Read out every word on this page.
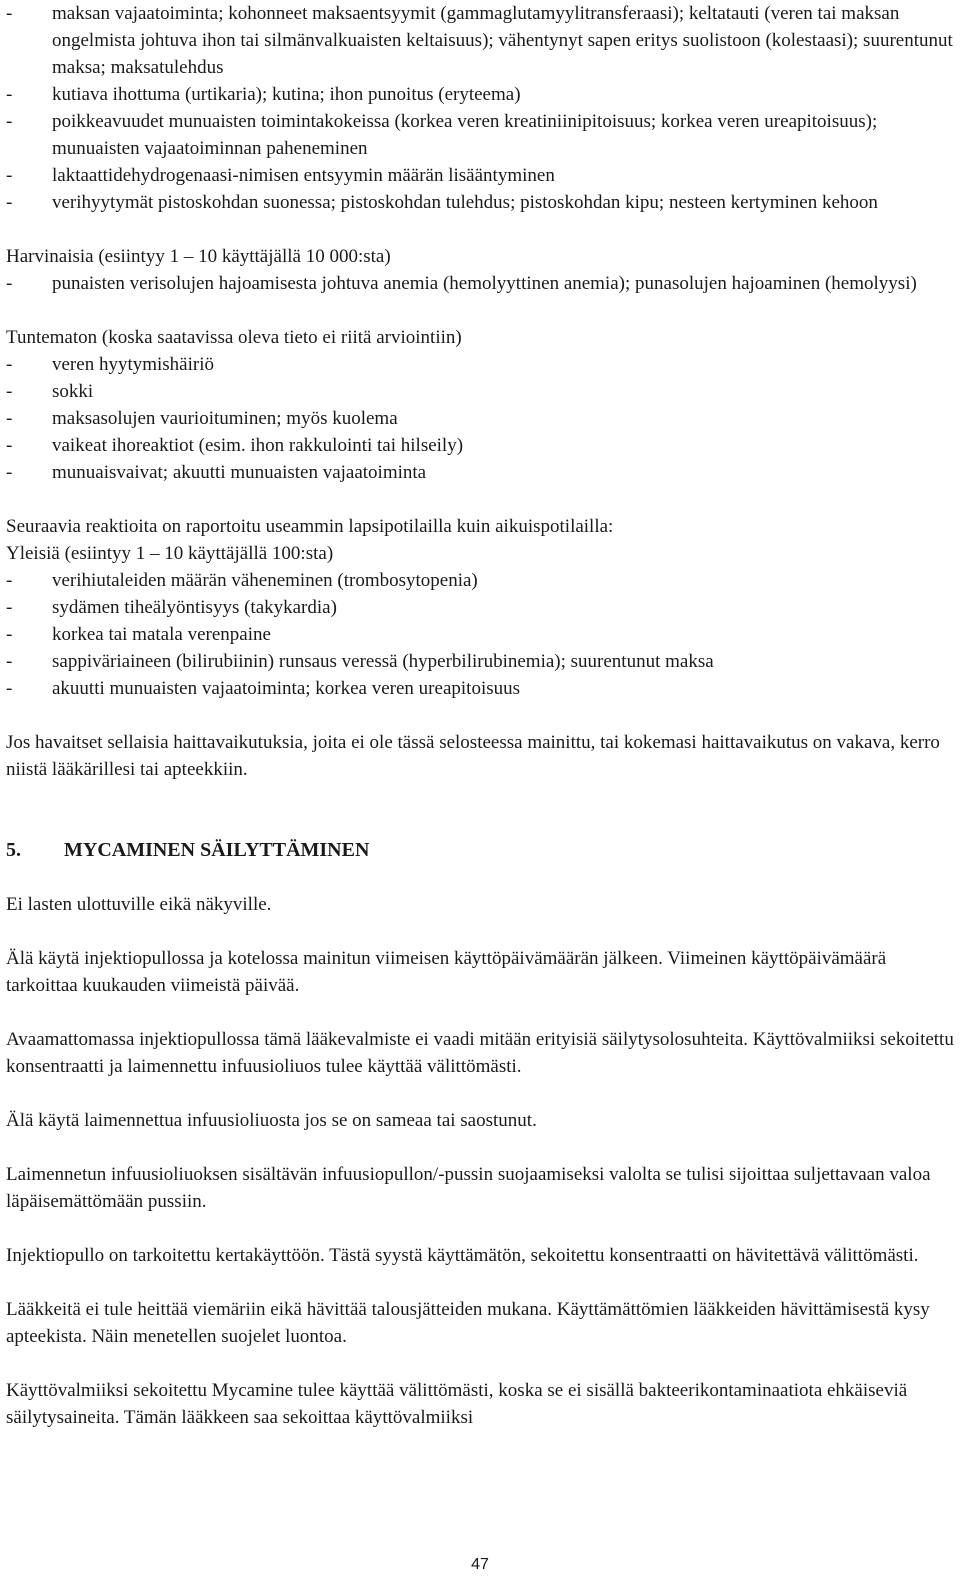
-	maksan vajaatoiminta; kohonneet maksaentsyymit (gammaglutamyylitransferaasi); keltatauti (veren tai maksan ongelmista johtuva ihon tai silmänvalkuaisten keltaisuus); vähentynyt sapen eritys suolistoon (kolestaasi); suurentunut maksa; maksatulehdus
-	kutiava ihottuma (urtikaria); kutina; ihon punoitus (eryteema)
-	poikkeavuudet munuaisten toimintakokeissa (korkea veren kreatiniinipitoisuus; korkea veren ureapitoisuus); munuaisten vajaatoiminnan paheneminen
-	laktaattidehydrogenaasi-nimisen entsyymin määrän lisääntyminen
-	verihyytymät pistoskohdan suonessa; pistoskohdan tulehdus; pistoskohdan kipu; nesteen kertyminen kehoon

Harvinaisia (esiintyy 1 – 10 käyttäjällä 10 000:sta)

-	punaisten verisolujen hajoamisesta johtuva anemia (hemolyyttinen anemia); punasolujen hajoaminen (hemolyysi)

Tuntematon (koska saatavissa oleva tieto ei riitä arviointiin)

-	veren hyytymishäiriö
-	sokki
-	maksasolujen vaurioituminen; myös kuolema
-	vaikeat ihoreaktiot (esim. ihon rakkulointi tai hilseily)
-	munuaisvaivat; akuutti munuaisten vajaatoiminta

Seuraavia reaktioita on raportoitu useammin lapsipotilailla kuin aikuispotilailla:

Yleisiä (esiintyy 1 – 10 käyttäjällä 100:sta)

-	verihiutaleiden määrän väheneminen (trombosytopenia)
-	sydämen tiheälyöntisyys (takykardia)
-	korkea tai matala verenpaine
-	sappiväriaineen (bilirubiinin) runsaus veressä (hyperbilirubinemia); suurentunut maksa
-	akuutti munuaisten vajaatoiminta; korkea veren ureapitoisuus

Jos havaitset sellaisia haittavaikutuksia, joita ei ole tässä selosteessa mainittu, tai kokemasi haittavaikutus on vakava, kerro niistä lääkärillesi tai apteekkiin.

5.	MYCAMINEN SÄILYTTÄMINEN

Ei lasten ulottuville eikä näkyville.

Älä käytä injektiopullossa ja kotelossa mainitun viimeisen käyttöpäivämäärän jälkeen. Viimeinen käyttöpäivämäärä tarkoittaa kuukauden viimeistä päivää.

Avaamattomassa injektiopullossa tämä lääkevalmiste ei vaadi mitään erityisiä säilytysolosuhteita. Käyttövalmiiksi sekoitettu konsentraatti ja laimennettu infuusioliuos tulee käyttää välittömästi.

Älä käytä laimennettua infuusioliuosta jos se on sameaa tai saostunut.

Laimennetun infuusioliuoksen sisältävän infuusiopullon/-pussin suojaamiseksi valolta se tulisi sijoittaa suljettavaan valoa läpäisemättömään pussiin.

Injektiopullo on tarkoitettu kertakäyttöön. Tästä syystä käyttämätön, sekoitettu konsentraatti on hävitettävä välittömästi.

Lääkkeitä ei tule heittää viemäriin eikä hävittää talousjätteiden mukana. Käyttämättömien lääkkeiden hävittämisestä kysy apteekista. Näin menetellen suojelet luontoa.

Käyttövalmiiksi sekoitettu Mycamine tulee käyttää välittömästi, koska se ei sisällä bakteerikontaminaatiota ehkäiseviä säilytysaineita. Tämän lääkkeen saa sekoittaa käyttövalmiiksi

47
